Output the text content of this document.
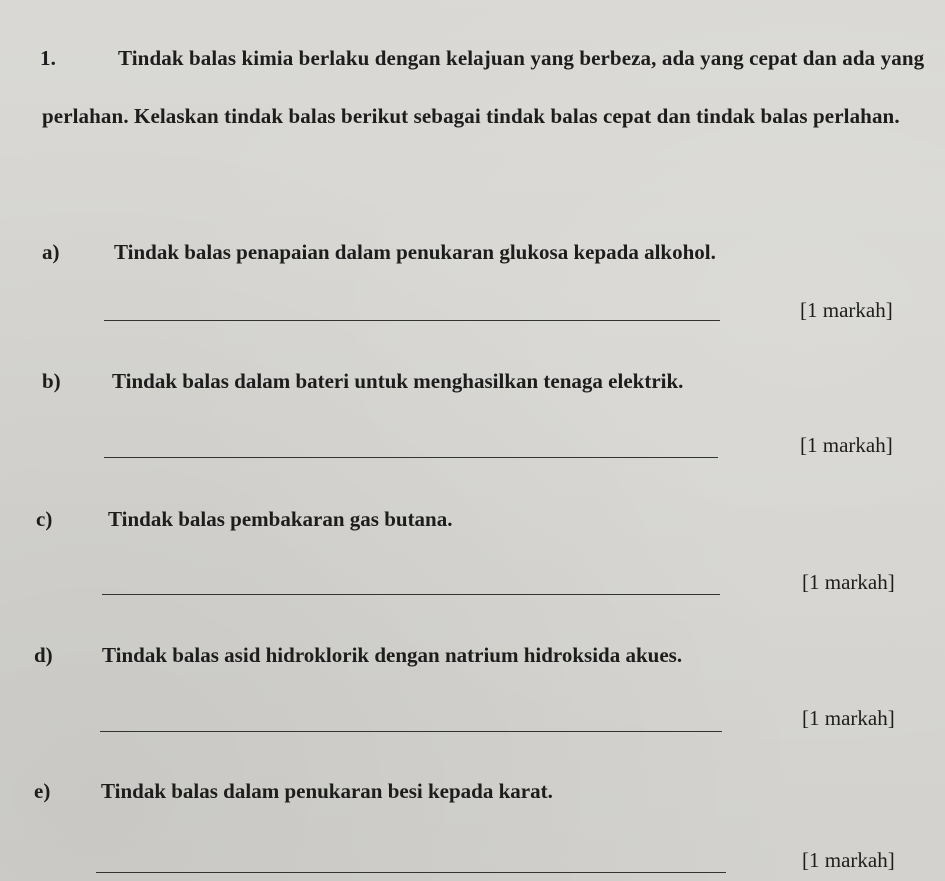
1.	Tindak balas kimia berlaku dengan kelajuan yang berbeza, ada yang cepat dan ada yang
perlahan. Kelaskan tindak balas berikut sebagai tindak balas cepat dan tindak balas perlahan.
a)	Tindak balas penapaian dalam penukaran glukosa kepada alkohol.
[1 markah]
b) Tindak balas dalam bateri untuk menghasilkan tenaga elektrik.
[1 markah]
c)	Tindak balas pembakaran gas butana.
[1 markah]
d) Tindak balas asid hidroklorik dengan natrium hidroksida akues.
[1 markah]
e) Tindak balas dalam penukaran besi kepada karat.
[1 markah]
